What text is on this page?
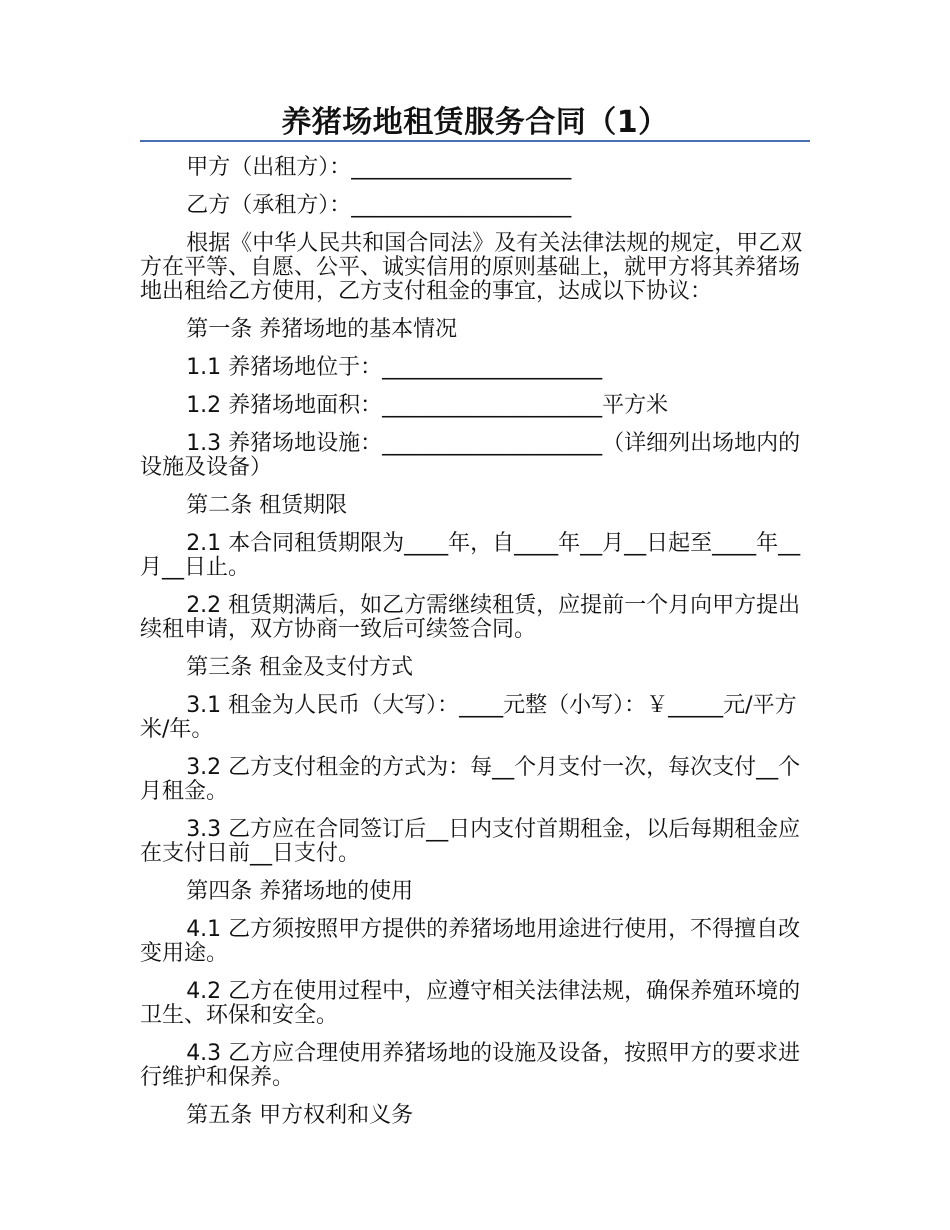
养猪场地租赁服务合同（1）

甲方（出租方）：____________________

乙方（承租方）：____________________

根据《中华人民共和国合同法》及有关法律法规的规定，甲乙双方在平等、自愿、公平、诚实信用的原则基础上，就甲方将其养猪场地出租给乙方使用，乙方支付租金的事宜，达成以下协议：

第一条 养猪场地的基本情况

1.1 养猪场地位于：____________________

1.2 养猪场地面积：____________________平方米

1.3 养猪场地设施：____________________（详细列出场地内的设施及设备）

第二条 租赁期限

2.1 本合同租赁期限为____年，自____年__月__日起至____年__月__日止。

2.2 租赁期满后，如乙方需继续租赁，应提前一个月向甲方提出续租申请，双方协商一致后可续签合同。

第三条 租金及支付方式

3.1 租金为人民币（大写）：____元整（小写）：￥_____元/平方米/年。

3.2 乙方支付租金的方式为：每__个月支付一次，每次支付__个月租金。

3.3 乙方应在合同签订后__日内支付首期租金，以后每期租金应在支付日前__日支付。

第四条 养猪场地的使用

4.1 乙方须按照甲方提供的养猪场地用途进行使用，不得擅自改变用途。

4.2 乙方在使用过程中，应遵守相关法律法规，确保养殖环境的卫生、环保和安全。

4.3 乙方应合理使用养猪场地的设施及设备，按照甲方的要求进行维护和保养。

第五条 甲方权利和义务
